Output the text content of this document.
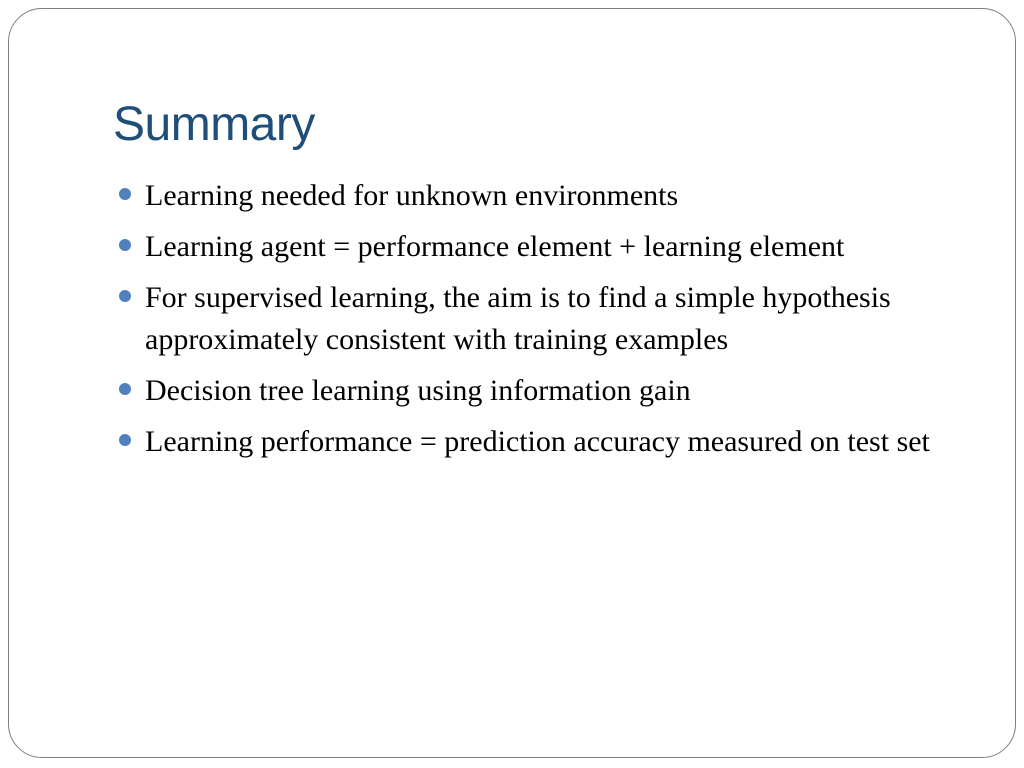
Summary
Learning needed for unknown environments
Learning agent = performance element + learning element
For supervised learning, the aim is to find a simple hypothesis approximately consistent with training examples
Decision tree learning using information gain
Learning performance = prediction accuracy measured on test set
